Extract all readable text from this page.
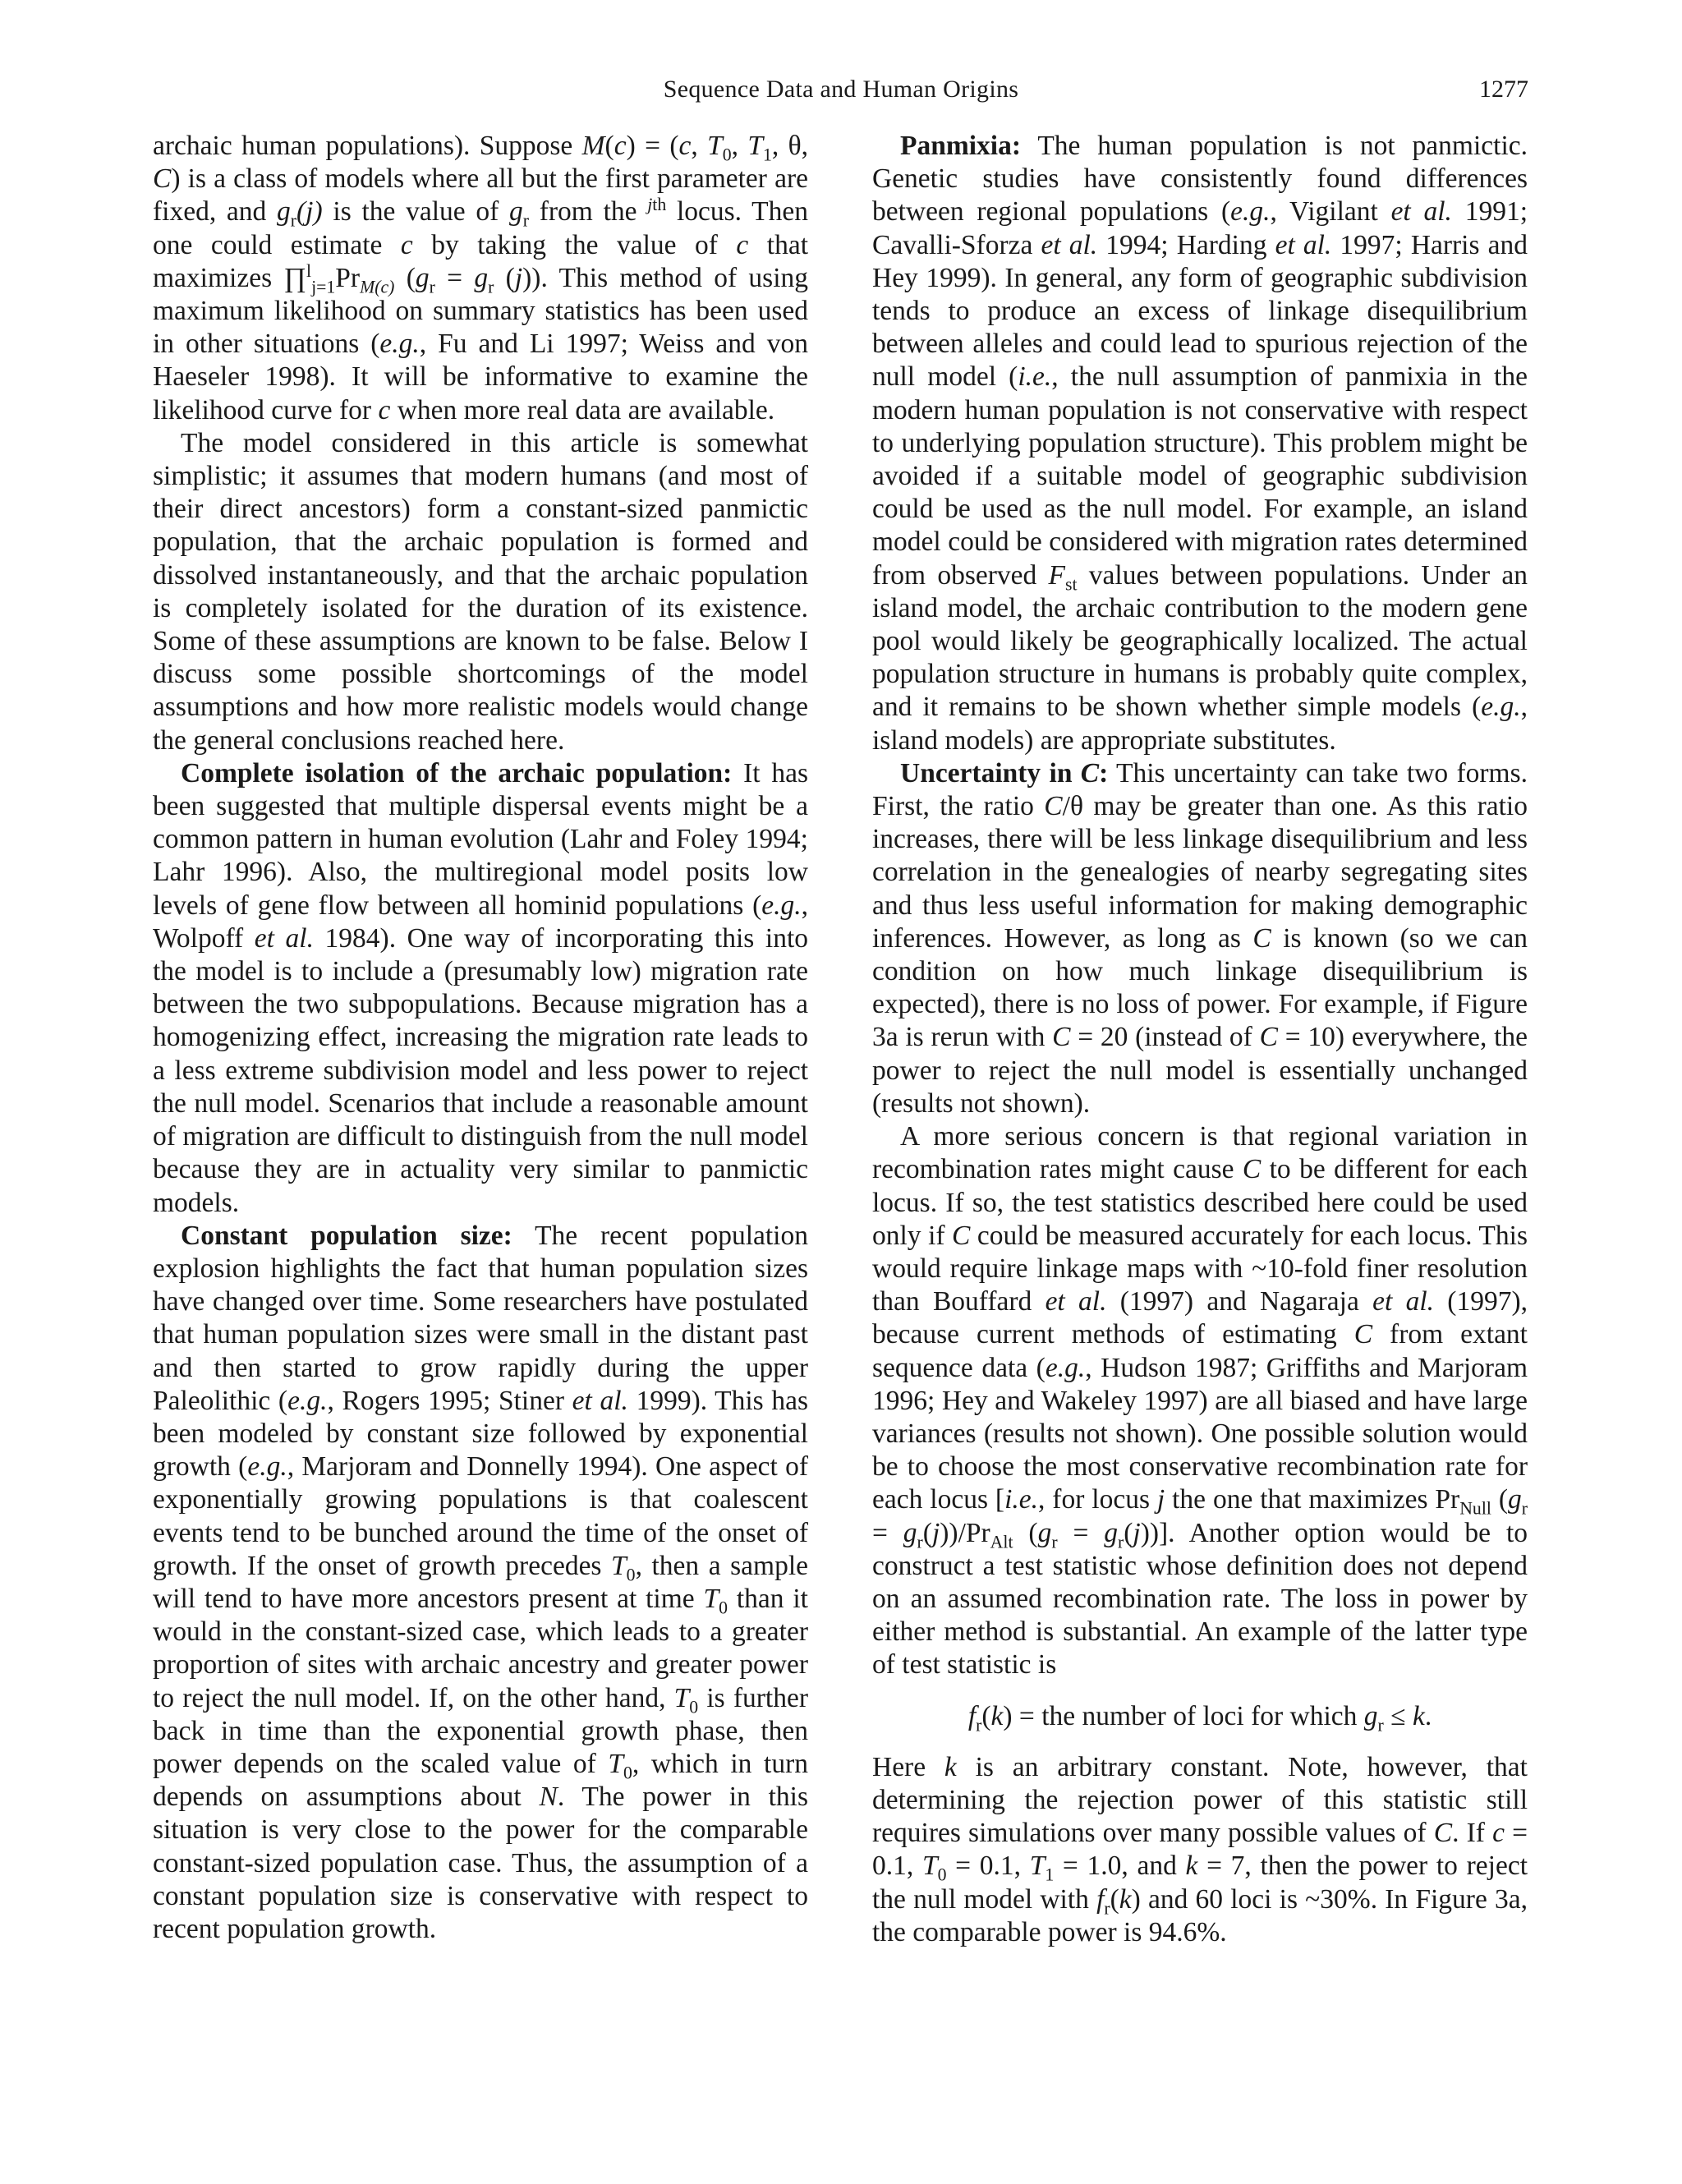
Sequence Data and Human Origins	1277

archaic human populations). Suppose M(c) = (c, $T_0$, $T_1$, θ, C) is a class of models where all but the first parameter are fixed, and $g_r(j)$ is the value of $g_r$ from the $^{jth}$ locus. Then one could estimate c by taking the value of c that maximizes $\prod^l_{j=1}Pr_{M(c)}$ ($g_r = g_r$ (j)). This method of using maximum likelihood on summary statistics has been used in other situations (e.g., Fu and Li 1997; Weiss and von Haeseler 1998). It will be informative to examine the likelihood curve for c when more real data are available.

The model considered in this article is somewhat simplistic; it assumes that modern humans (and most of their direct ancestors) form a constant-sized panmictic population, that the archaic population is formed and dissolved instantaneously, and that the archaic population is completely isolated for the duration of its existence. Some of these assumptions are known to be false. Below I discuss some possible shortcomings of the model assumptions and how more realistic models would change the general conclusions reached here.

Complete isolation of the archaic population: It has been suggested that multiple dispersal events might be a common pattern in human evolution (Lahr and Foley 1994; Lahr 1996). Also, the multiregional model posits low levels of gene flow between all hominid populations (e.g., Wolpoff et al. 1984). One way of incorporating this into the model is to include a (presumably low) migration rate between the two subpopulations. Because migration has a homogenizing effect, increasing the migration rate leads to a less extreme subdivision model and less power to reject the null model. Scenarios that include a reasonable amount of migration are difficult to distinguish from the null model because they are in actuality very similar to panmictic models.

Constant population size: The recent population explosion highlights the fact that human population sizes have changed over time. Some researchers have postulated that human population sizes were small in the distant past and then started to grow rapidly during the upper Paleolithic (e.g., Rogers 1995; Stiner et al. 1999). This has been modeled by constant size followed by exponential growth (e.g., Marjoram and Donnelly 1994). One aspect of exponentially growing populations is that coalescent events tend to be bunched around the time of the onset of growth. If the onset of growth precedes $T_0$, then a sample will tend to have more ancestors present at time $T_0$ than it would in the constant-sized case, which leads to a greater proportion of sites with archaic ancestry and greater power to reject the null model. If, on the other hand, $T_0$ is further back in time than the exponential growth phase, then power depends on the scaled value of $T_0$, which in turn depends on assumptions about N. The power in this situation is very close to the power for the comparable constant-sized population case. Thus, the assumption of a constant population size is conservative with respect to recent population growth.

Panmixia: The human population is not panmictic. Genetic studies have consistently found differences between regional populations (e.g., Vigilant et al. 1991; Cavalli-Sforza et al. 1994; Harding et al. 1997; Harris and Hey 1999). In general, any form of geographic subdivision tends to produce an excess of linkage disequilibrium between alleles and could lead to spurious rejection of the null model (i.e., the null assumption of panmixia in the modern human population is not conservative with respect to underlying population structure). This problem might be avoided if a suitable model of geographic subdivision could be used as the null model. For example, an island model could be considered with migration rates determined from observed $F_{st}$ values between populations. Under an island model, the archaic contribution to the modern gene pool would likely be geographically localized. The actual population structure in humans is probably quite complex, and it remains to be shown whether simple models (e.g., island models) are appropriate substitutes.

Uncertainty in C: This uncertainty can take two forms. First, the ratio C/θ may be greater than one. As this ratio increases, there will be less linkage disequilibrium and less correlation in the genealogies of nearby segregating sites and thus less useful information for making demographic inferences. However, as long as C is known (so we can condition on how much linkage disequilibrium is expected), there is no loss of power. For example, if Figure 3a is rerun with C = 20 (instead of C = 10) everywhere, the power to reject the null model is essentially unchanged (results not shown).

A more serious concern is that regional variation in recombination rates might cause C to be different for each locus. If so, the test statistics described here could be used only if C could be measured accurately for each locus. This would require linkage maps with ~10-fold finer resolution than Bouffard et al. (1997) and Nagaraja et al. (1997), because current methods of estimating C from extant sequence data (e.g., Hudson 1987; Griffiths and Marjoram 1996; Hey and Wakeley 1997) are all biased and have large variances (results not shown). One possible solution would be to choose the most conservative recombination rate for each locus [i.e., for locus j the one that maximizes $Pr_{Null}$ $(g_r = g_r(j))/Pr_{Alt}$ $(g_r = g_r(j))$]. Another option would be to construct a test statistic whose definition does not depend on an assumed recombination rate. The loss in power by either method is substantial. An example of the latter type of test statistic is

$f_r(k)$ = the number of loci for which $g_r \le k$.

Here k is an arbitrary constant. Note, however, that determining the rejection power of this statistic still requires simulations over many possible values of C. If c = 0.1, $T_0 = 0.1$, $T_1 = 1.0$, and k = 7, then the power to reject the null model with $f_r(k)$ and 60 loci is ~30%. In Figure 3a, the comparable power is 94.6%.
